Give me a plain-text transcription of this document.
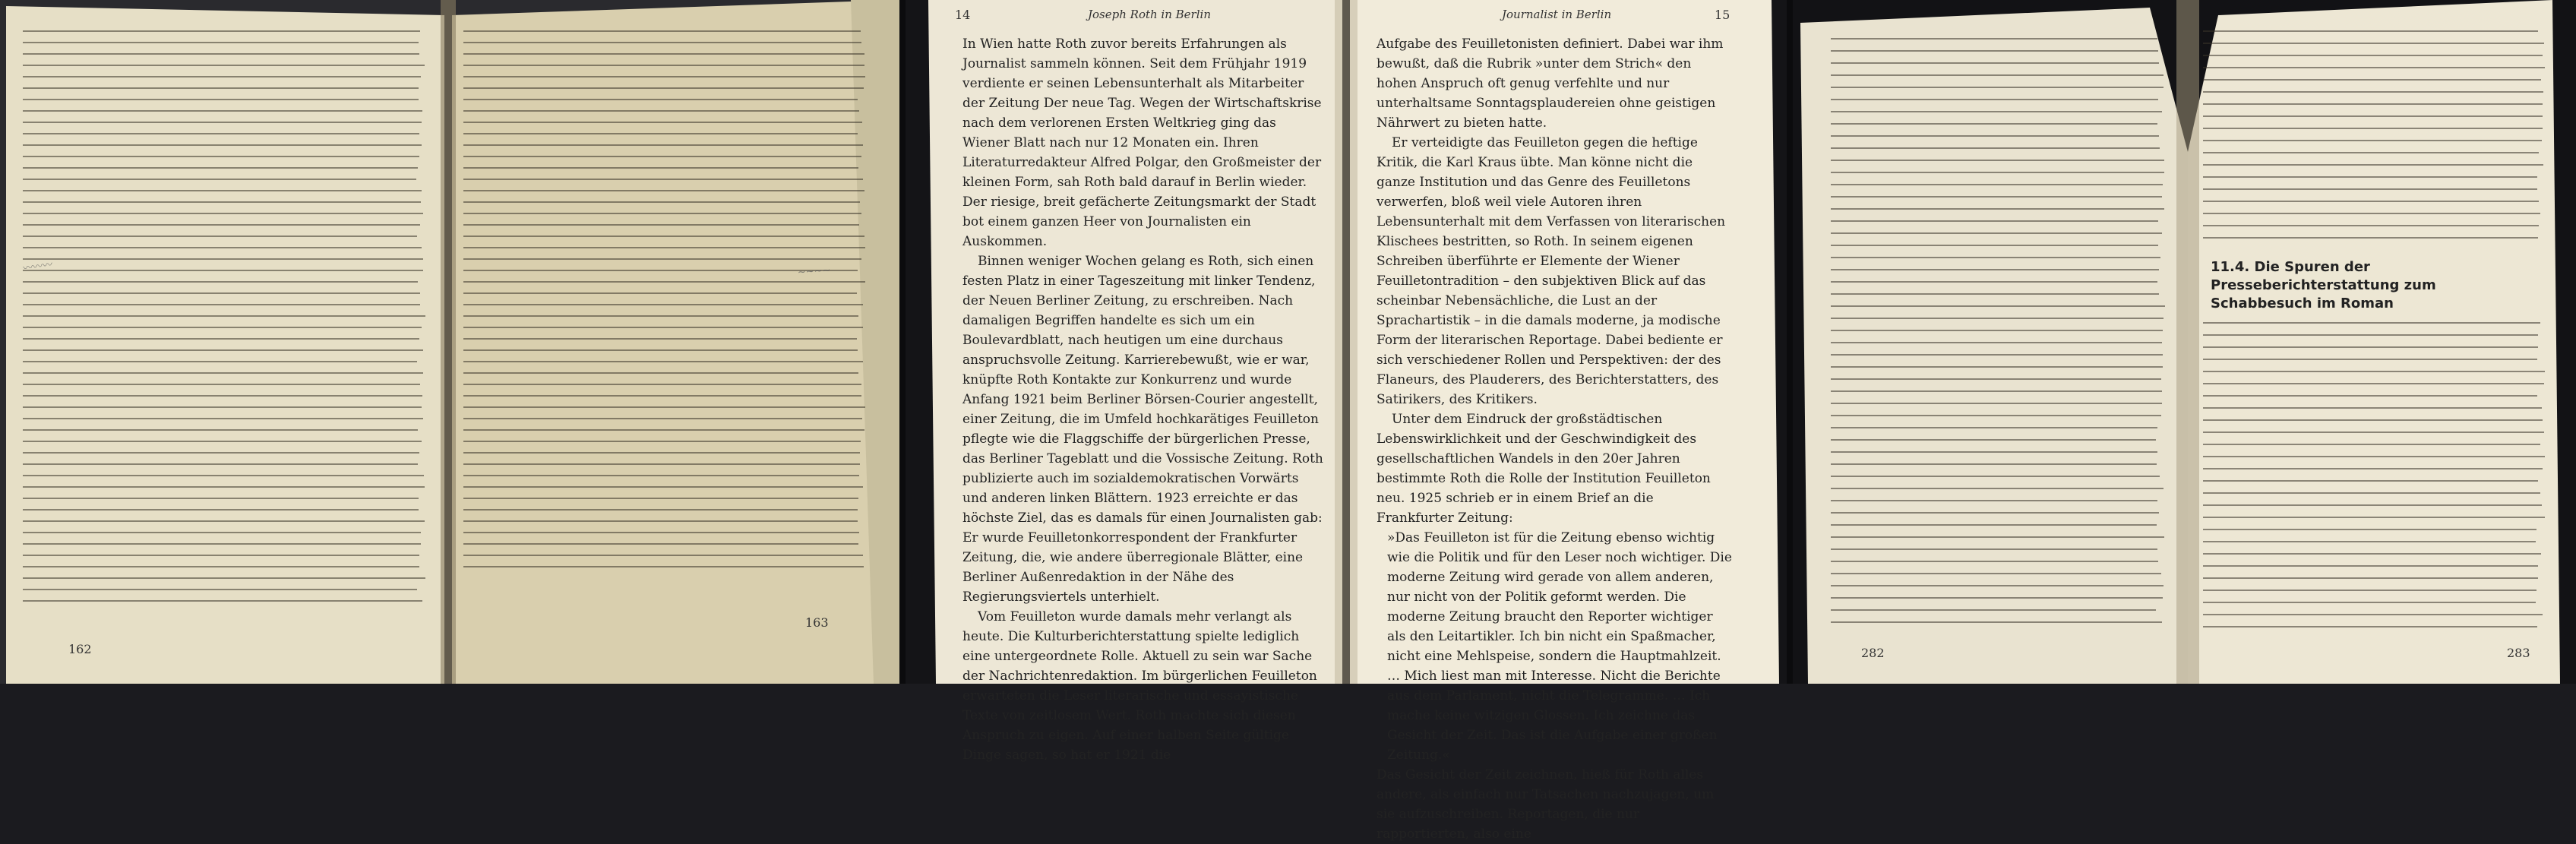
162
〰〰〰
163
~~~~
14	Joseph Roth in Berlin

In Wien hatte Roth zuvor bereits Erfahrungen als Journalist sammeln können. Seit dem Frühjahr 1919 verdiente er seinen Lebensunterhalt als Mitarbeiter der Zeitung Der neue Tag. Wegen der Wirtschaftskrise nach dem verlorenen Ersten Weltkrieg ging das Wiener Blatt nach nur 12 Monaten ein. Ihren Literaturredakteur Alfred Polgar, den Großmeister der kleinen Form, sah Roth bald darauf in Berlin wieder. Der riesige, breit gefächerte Zeitungsmarkt der Stadt bot einem ganzen Heer von Journalisten ein Auskommen.

Binnen weniger Wochen gelang es Roth, sich einen festen Platz in einer Tageszeitung mit linker Tendenz, der Neuen Berliner Zeitung, zu erschreiben. Nach damaligen Begriffen handelte es sich um ein Boulevardblatt, nach heutigen um eine durchaus anspruchsvolle Zeitung. Karrierebewußt, wie er war, knüpfte Roth Kontakte zur Konkurrenz und wurde Anfang 1921 beim Berliner Börsen-Courier angestellt, einer Zeitung, die im Umfeld hochkarätiges Feuilleton pflegte wie die Flaggschiffe der bürgerlichen Presse, das Berliner Tageblatt und die Vossische Zeitung. Roth publizierte auch im sozialdemokratischen Vorwärts und anderen linken Blättern. 1923 erreichte er das höchste Ziel, das es damals für einen Journalisten gab: Er wurde Feuilletonkorrespondent der Frankfurter Zeitung, die, wie andere überregionale Blätter, eine Berliner Außenredaktion in der Nähe des Regierungsviertels unterhielt.

Vom Feuilleton wurde damals mehr verlangt als heute. Die Kulturberichterstattung spielte lediglich eine untergeordnete Rolle. Aktuell zu sein war Sache der Nachrichtenredaktion. Im bürgerlichen Feuilleton erwarteten die Leser literarische und essayistische Texte von zeitlosem Wert. Roth machte sich diesen Anspruch zu eigen. Auf einer halben Seite gültige Dinge sagen, so hat er 1921 die

Journalist in Berlin	15

Aufgabe des Feuilletonisten definiert. Dabei war ihm bewußt, daß die Rubrik »unter dem Strich« den hohen Anspruch oft genug verfehlte und nur unterhaltsame Sonntagsplaudereien ohne geistigen Nährwert zu bieten hatte.

Er verteidigte das Feuilleton gegen die heftige Kritik, die Karl Kraus übte. Man könne nicht die ganze Institution und das Genre des Feuilletons verwerfen, bloß weil viele Autoren ihren Lebensunterhalt mit dem Verfassen von literarischen Klischees bestritten, so Roth. In seinem eigenen Schreiben überführte er Elemente der Wiener Feuilletontradition – den subjektiven Blick auf das scheinbar Nebensächliche, die Lust an der Sprachartistik – in die damals moderne, ja modische Form der literarischen Reportage. Dabei bediente er sich verschiedener Rollen und Perspektiven: der des Flaneurs, des Plauderers, des Berichterstatters, des Satirikers, des Kritikers.

Unter dem Eindruck der großstädtischen Lebenswirklichkeit und der Geschwindigkeit des gesellschaftlichen Wandels in den 20er Jahren bestimmte Roth die Rolle der Institution Feuilleton neu. 1925 schrieb er in einem Brief an die Frankfurter Zeitung:

»Das Feuilleton ist für die Zeitung ebenso wichtig wie die Politik und für den Leser noch wichtiger. Die moderne Zeitung wird gerade von allem anderen, nur nicht von der Politik geformt werden. Die moderne Zeitung braucht den Reporter wichtiger als den Leitartikler. Ich bin nicht ein Spaßmacher, nicht eine Mehlspeise, sondern die Hauptmahlzeit. … Mich liest man mit Interesse. Nicht die Berichte aus dem Parlament, nicht die Telegramme. … Ich mache keine witzigen Glossen. Ich zeichne das Gesicht der Zeit. Das ist die Aufgabe einer großen Zeitung.«

Das Gesicht der Zeit zeichnen, hieß für Roth alles andere, als einfach nur Tatsachen nachzujagen, um sie aufzuschreiben. Reportagen, die nur rapportierten, also eine

282
11.4. Die Spuren der Presseberichterstattung zum Schabbesuch im Roman
283
